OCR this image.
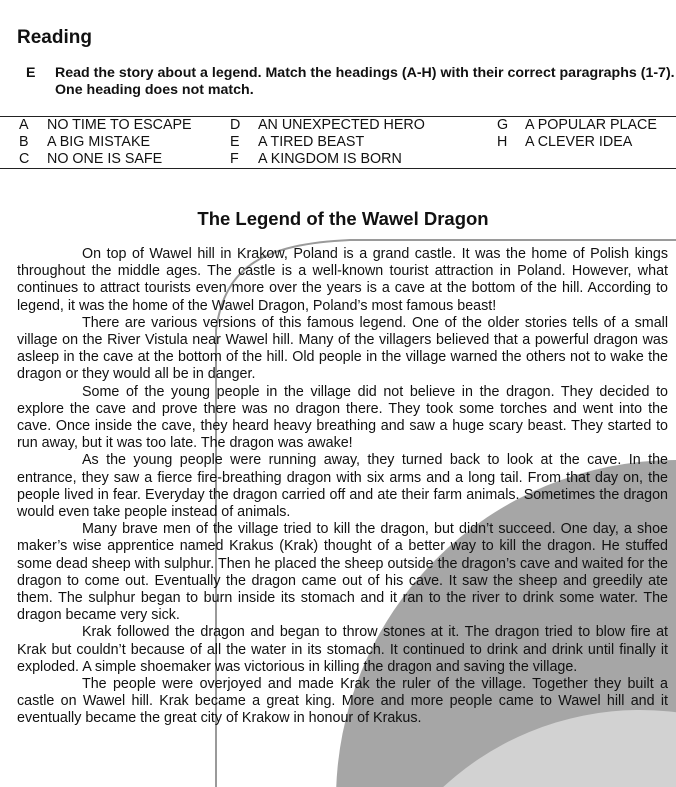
Reading
E Read the story about a legend. Match the headings (A-H) with their correct paragraphs (1-7). One heading does not match.
A NO TIME TO ESCAPE	D AN UNEXPECTED HERO	G A POPULAR PLACE
B A BIG MISTAKE	E A TIRED BEAST	H A CLEVER IDEA
C NO ONE IS SAFE	F A KINGDOM IS BORN
The Legend of the Wawel Dragon

On top of Wawel hill in Krakow, Poland is a grand castle. It was the home of Polish kings throughout the middle ages. The castle is a well-known tourist attraction in Poland. However, what continues to attract tourists even more over the years is a cave at the bottom of the hill. According to legend, it was the home of the Wawel Dragon, Poland’s most famous beast!

There are various versions of this famous legend. One of the older stories tells of a small village on the River Vistula near Wawel hill. Many of the villagers believed that a powerful dragon was asleep in the cave at the bottom of the hill. Old people in the village warned the others not to wake the dragon or they would all be in danger.

Some of the young people in the village did not believe in the dragon. They decided to explore the cave and prove there was no dragon there. They took some torches and went into the cave. Once inside the cave, they heard heavy breathing and saw a huge scary beast. They started to run away, but it was too late. The dragon was awake!

As the young people were running away, they turned back to look at the cave. In the entrance, they saw a fierce fire-breathing dragon with six arms and a long tail. From that day on, the people lived in fear. Everyday the dragon carried off and ate their farm animals. Sometimes the dragon would even take people instead of animals.

Many brave men of the village tried to kill the dragon, but didn’t succeed. One day, a shoe maker’s wise apprentice named Krakus (Krak) thought of a better way to kill the dragon. He stuffed some dead sheep with sulphur. Then he placed the sheep outside the dragon’s cave and waited for the dragon to come out. Eventually the dragon came out of his cave. It saw the sheep and greedily ate them. The sulphur began to burn inside its stomach and it ran to the river to drink some water. The dragon became very sick.

Krak followed the dragon and began to throw stones at it. The dragon tried to blow fire at Krak but couldn’t because of all the water in its stomach. It continued to drink and drink until finally it exploded. A simple shoemaker was victorious in killing the dragon and saving the village.

The people were overjoyed and made Krak the ruler of the village. Together they built a castle on Wawel hill. Krak became a great king. More and more people came to Wawel hill and it eventually became the great city of Krakow in honour of Krakus.
